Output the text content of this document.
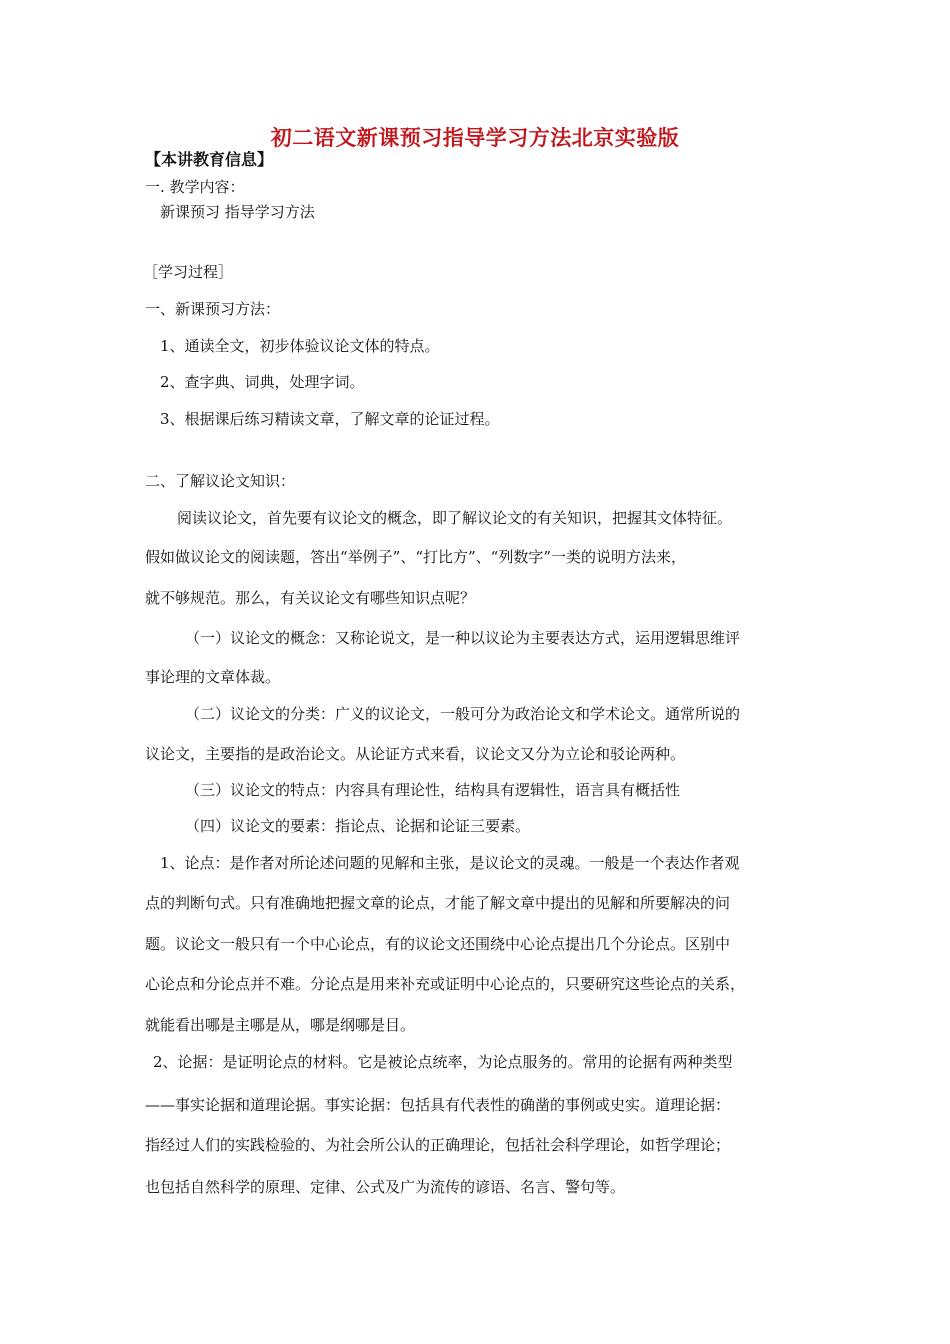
初二语文新课预习指导学习方法北京实验版
【本讲教育信息】
一. 教学内容：
新课预习 指导学习方法
［学习过程］
一、新课预习方法：
1、通读全文，初步体验议论文体的特点。
2、查字典、词典，处理字词。
3、根据课后练习精读文章，了解文章的论证过程。
二、了解议论文知识：
阅读议论文，首先要有议论文的概念，即了解议论文的有关知识，把握其文体特征。
假如做议论文的阅读题，答出“举例子”、“打比方”、“列数字”一类的说明方法来，
就不够规范。那么，有关议论文有哪些知识点呢？
（一）议论文的概念：又称论说文，是一种以议论为主要表达方式，运用逻辑思维评
事论理的文章体裁。
（二）议论文的分类：广义的议论文，一般可分为政治论文和学术论文。通常所说的
议论文，主要指的是政治论文。从论证方式来看，议论文又分为立论和驳论两种。
（三）议论文的特点：内容具有理论性，结构具有逻辑性，语言具有概括性
（四）议论文的要素：指论点、论据和论证三要素。
1、论点：是作者对所论述问题的见解和主张，是议论文的灵魂。一般是一个表达作者观
点的判断句式。只有准确地把握文章的论点，才能了解文章中提出的见解和所要解决的问
题。议论文一般只有一个中心论点，有的议论文还围绕中心论点提出几个分论点。区别中
心论点和分论点并不难。分论点是用来补充或证明中心论点的，只要研究这些论点的关系，
就能看出哪是主哪是从，哪是纲哪是目。
2、论据：是证明论点的材料。它是被论点统率，为论点服务的。常用的论据有两种类型
——事实论据和道理论据。事实论据：包括具有代表性的确凿的事例或史实。道理论据：
指经过人们的实践检验的、为社会所公认的正确理论，包括社会科学理论，如哲学理论；
也包括自然科学的原理、定律、公式及广为流传的谚语、名言、警句等。
